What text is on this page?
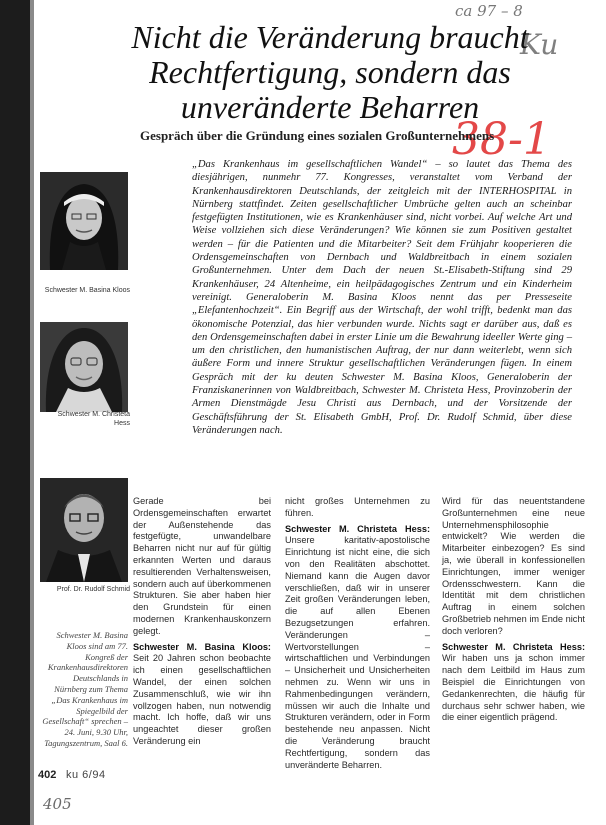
ca 97 – 8
Ku
38-1
Nicht die Veränderung braucht Rechtfertigung, sondern das unveränderte Beharren
Gespräch über die Gründung eines sozialen Großunternehmens
Schwester M. Basina Kloos
Schwester M. Christeta Hess
Prof. Dr. Rudolf Schmid

Schwester M. Basina Kloos sind am 77. Kongreß der Krankenhausdirektoren Deutschlands in Nürnberg zum Thema „Das Krankenhaus im Spiegelbild der Gesellschaft“ sprechen – 24. Juni, 9.30 Uhr, Tagungszentrum, Saal 6.

„Das Krankenhaus im gesellschaftlichen Wandel“ – so lautet das Thema des diesjährigen, nunmehr 77. Kongresses, veranstaltet vom Verband der Krankenhausdirektoren Deutschlands, der zeitgleich mit der INTERHOSPITAL in Nürnberg stattfindet. Zeiten gesellschaftlicher Umbrüche gelten auch an scheinbar festgefügten Institutionen, wie es Krankenhäuser sind, nicht vorbei. Auf welche Art und Weise vollziehen sich diese Veränderungen? Wie können sie zum Positiven gestaltet werden – für die Patienten und die Mitarbeiter? Seit dem Frühjahr kooperieren die Ordensgemeinschaften von Dernbach und Waldbreitbach in einem sozialen Großunternehmen. Unter dem Dach der neuen St.-Elisabeth-Stiftung sind 29 Krankenhäuser, 24 Altenheime, ein heilpädagogisches Zentrum und ein Kinderheim vereinigt. Generaloberin M. Basina Kloos nennt das per Presseseite „Elefantenhochzeit“. Ein Begriff aus der Wirtschaft, der wohl trifft, bedenkt man das ökonomische Potenzial, das hier verbunden wurde. Nichts sagt er darüber aus, daß es den Ordensgemeinschaften dabei in erster Linie um die Bewahrung ideeller Werte ging – um den christlichen, den humanistischen Auftrag, der nur dann weiterlebt, wenn sich äußere Form und innere Struktur gesellschaftlichen Veränderungen fügen. In einem Gespräch mit der ku deuten Schwester M. Basina Kloos, Generaloberin der Franziskanerinnen von Waldbreitbach, Schwester M. Christeta Hess, Provinzoberin der Armen Dienstmägde Jesu Christi aus Dernbach, und der Vorsitzende der Geschäftsführung der St. Elisabeth GmbH, Prof. Dr. Rudolf Schmid, über diese Veränderungen nach.

Gerade bei Ordensgemeinschaften erwartet der Außenstehende das festgefügte, unwandelbare Beharren nicht nur auf für gültig erkannten Werten und daraus resultierenden Verhaltensweisen, sondern auch auf überkommenen Strukturen. Sie aber haben hier den Grundstein für einen modernen Krankenhauskonzern gelegt.

Schwester M. Basina Kloos: Seit 20 Jahren schon beobachte ich einen gesellschaftlichen Wandel, der einen solchen Zusammenschluß, wie wir ihn vollzogen haben, nun notwendig macht. Ich hoffe, daß wir uns ungeachtet dieser großen Veränderung ein

nicht großes Unternehmen zu führen.

Schwester M. Christeta Hess: Unsere karitativ-apostolische Einrichtung ist nicht eine, die sich von den Realitäten abschottet. Niemand kann die Augen davor verschließen, daß wir in unserer Zeit großen Veränderungen leben, die auf allen Ebenen Bezugsetzungen erfahren. Veränderungen – Wertvorstellungen – wirtschaftlichen und Verbindungen – Unsicherheit und Unsicherheiten nehmen zu. Wenn wir uns in Rahmenbedingungen verändern, müssen wir auch die Inhalte und Strukturen verändern, oder in Form bestehende neu anpassen. Nicht die Veränderung braucht Rechtfertigung, sondern das unveränderte Beharren.

Wird für das neuentstandene Großunternehmen eine neue Unternehmensphilosophie entwickelt? Wie werden die Mitarbeiter einbezogen? Es sind ja, wie überall in konfessionellen Einrichtungen, immer weniger Ordensschwestern. Kann die Identität mit dem christlichen Auftrag in einem solchen Großbetrieb nehmen im Ende nicht doch verloren?

Schwester M. Christeta Hess: Wir haben uns ja schon immer nach dem Leitbild im Haus zum Beispiel die Einrichtungen von Gedankenrechten, die häufig für durchaus sehr schwer haben, wie die einer eigentlich prägend.

402 ku 6/94
405
